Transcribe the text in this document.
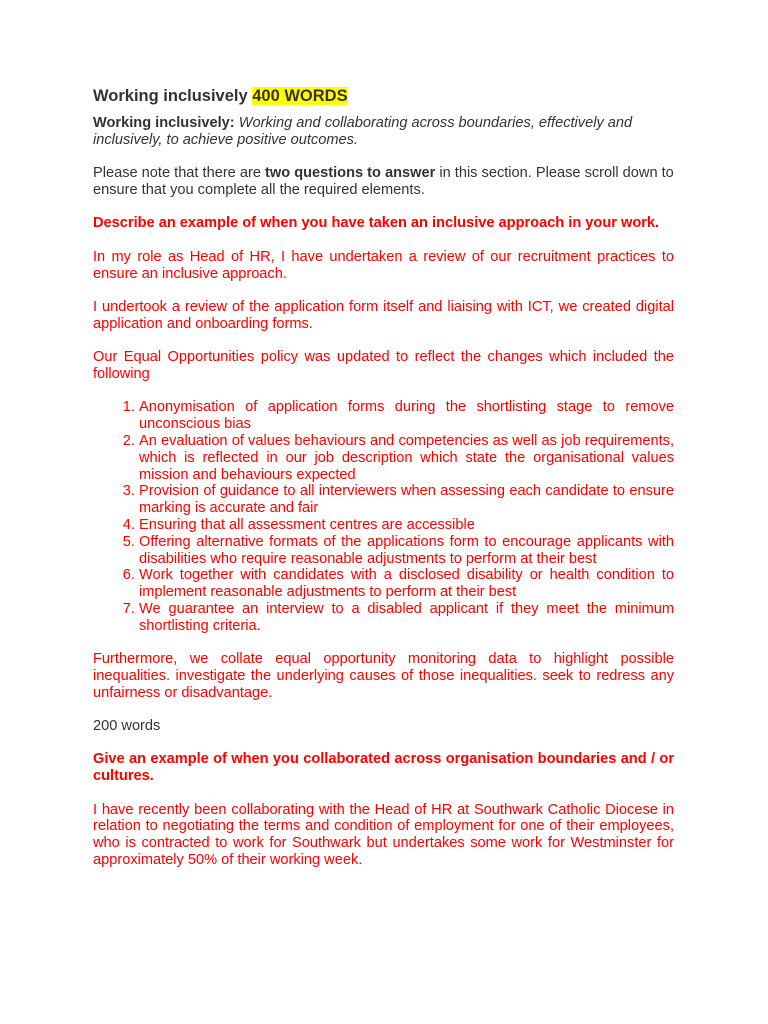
Working inclusively 400 WORDS

Working inclusively: Working and collaborating across boundaries, effectively and inclusively, to achieve positive outcomes.

Please note that there are two questions to answer in this section. Please scroll down to ensure that you complete all the required elements.

Describe an example of when you have taken an inclusive approach in your work.

In my role as Head of HR, I have undertaken a review of our recruitment practices to ensure an inclusive approach.

I undertook a review of the application form itself and liaising with ICT, we created digital application and onboarding forms.

Our Equal Opportunities policy was updated to reflect the changes which included the following

1. Anonymisation of application forms during the shortlisting stage to remove unconscious bias
2. An evaluation of values behaviours and competencies as well as job requirements, which is reflected in our job description which state the organisational values mission and behaviours expected
3. Provision of guidance to all interviewers when assessing each candidate to ensure marking is accurate and fair
4. Ensuring that all assessment centres are accessible
5. Offering alternative formats of the applications form to encourage applicants with disabilities who require reasonable adjustments to perform at their best
6. Work together with candidates with a disclosed disability or health condition to implement reasonable adjustments to perform at their best
7. We guarantee an interview to a disabled applicant if they meet the minimum shortlisting criteria.

Furthermore, we collate equal opportunity monitoring data to highlight possible inequalities. investigate the underlying causes of those inequalities. seek to redress any unfairness or disadvantage.

200 words

Give an example of when you collaborated across organisation boundaries and / or cultures.

I have recently been collaborating with the Head of HR at Southwark Catholic Diocese in relation to negotiating the terms and condition of employment for one of their employees, who is contracted to work for Southwark but undertakes some work for Westminster for approximately 50% of their working week.
